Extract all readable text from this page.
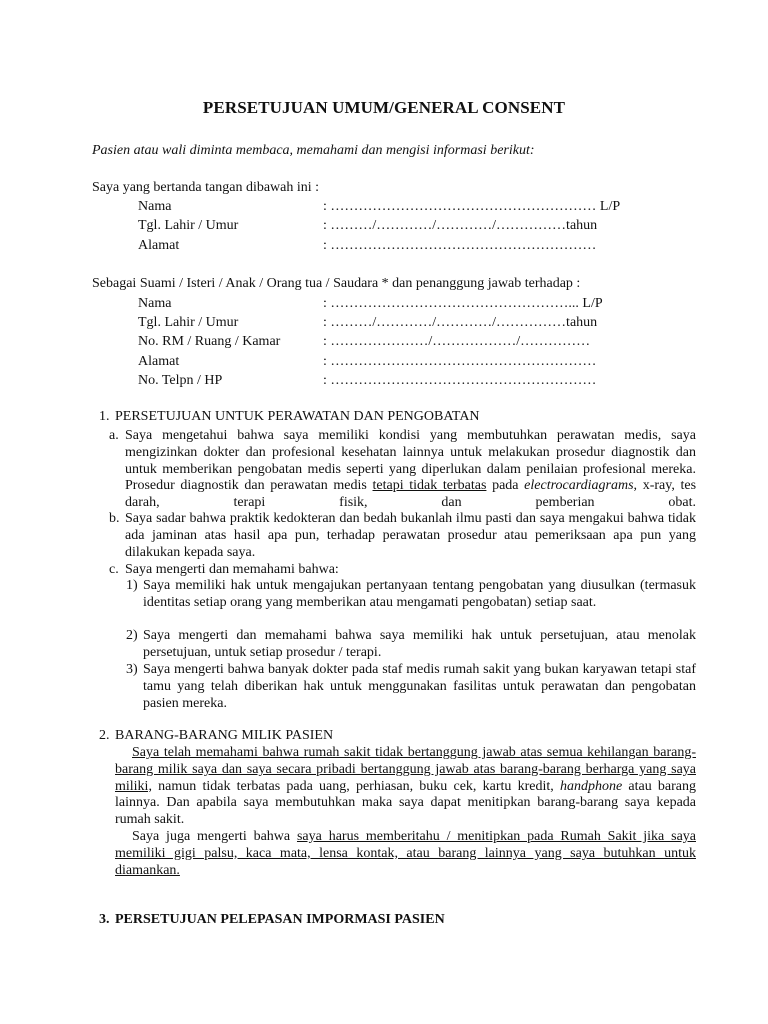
PERSETUJUAN UMUM/GENERAL CONSENT
Pasien atau wali diminta membaca, memahami dan mengisi informasi berikut:
Saya yang bertanda tangan dibawah ini :
Nama	: ………………………………………………… L/P
Tgl. Lahir / Umur	: ………/…………/…………/……………tahun
Alamat	: …………………………………………………
Sebagai Suami / Isteri / Anak / Orang tua / Saudara * dan penanggung jawab terhadap :
Nama	: ……………………………………………... L/P
Tgl. Lahir / Umur	: ………/…………/…………/……………tahun
No. RM / Ruang / Kamar	: …………………/………………/……………
Alamat	: …………………………………………………
No. Telpn / HP	: …………………………………………………
1. PERSETUJUAN UNTUK PERAWATAN DAN PENGOBATAN
a. Saya mengetahui bahwa saya memiliki kondisi yang membutuhkan perawatan medis, saya mengizinkan dokter dan profesional kesehatan lainnya untuk melakukan prosedur diagnostik dan untuk memberikan pengobatan medis seperti yang diperlukan dalam penilaian profesional mereka. Prosedur diagnostik dan perawatan medis tetapi tidak terbatas pada electrocardiagrams, x-ray, tes darah, terapi fisik, dan pemberian obat.
b. Saya sadar bahwa praktik kedokteran dan bedah bukanlah ilmu pasti dan saya mengakui bahwa tidak ada jaminan atas hasil apa pun, terhadap perawatan prosedur atau pemeriksaan apa pun yang dilakukan kepada saya.
c. Saya mengerti dan memahami bahwa:
1) Saya memiliki hak untuk mengajukan pertanyaan tentang pengobatan yang diusulkan (termasuk identitas setiap orang yang memberikan atau mengamati pengobatan) setiap saat.
2) Saya mengerti dan memahami bahwa saya memiliki hak untuk persetujuan, atau menolak persetujuan, untuk setiap prosedur / terapi.
3) Saya mengerti bahwa banyak dokter pada staf medis rumah sakit yang bukan karyawan tetapi staf tamu yang telah diberikan hak untuk menggunakan fasilitas untuk perawatan dan pengobatan pasien mereka.
2. BARANG-BARANG MILIK PASIEN
Saya telah memahami bahwa rumah sakit tidak bertanggung jawab atas semua kehilangan barang-barang milik saya dan saya secara pribadi bertanggung jawab atas barang-barang berharga yang saya miliki, namun tidak terbatas pada uang, perhiasan, buku cek, kartu kredit, handphone atau barang lainnya. Dan apabila saya membutuhkan maka saya dapat menitipkan barang-barang saya kepada rumah sakit.
Saya juga mengerti bahwa saya harus memberitahu / menitipkan pada Rumah Sakit jika saya memiliki gigi palsu, kaca mata, lensa kontak, atau barang lainnya yang saya butuhkan untuk diamankan.
3. PERSETUJUAN PELEPASAN IMPORMASI PASIEN
